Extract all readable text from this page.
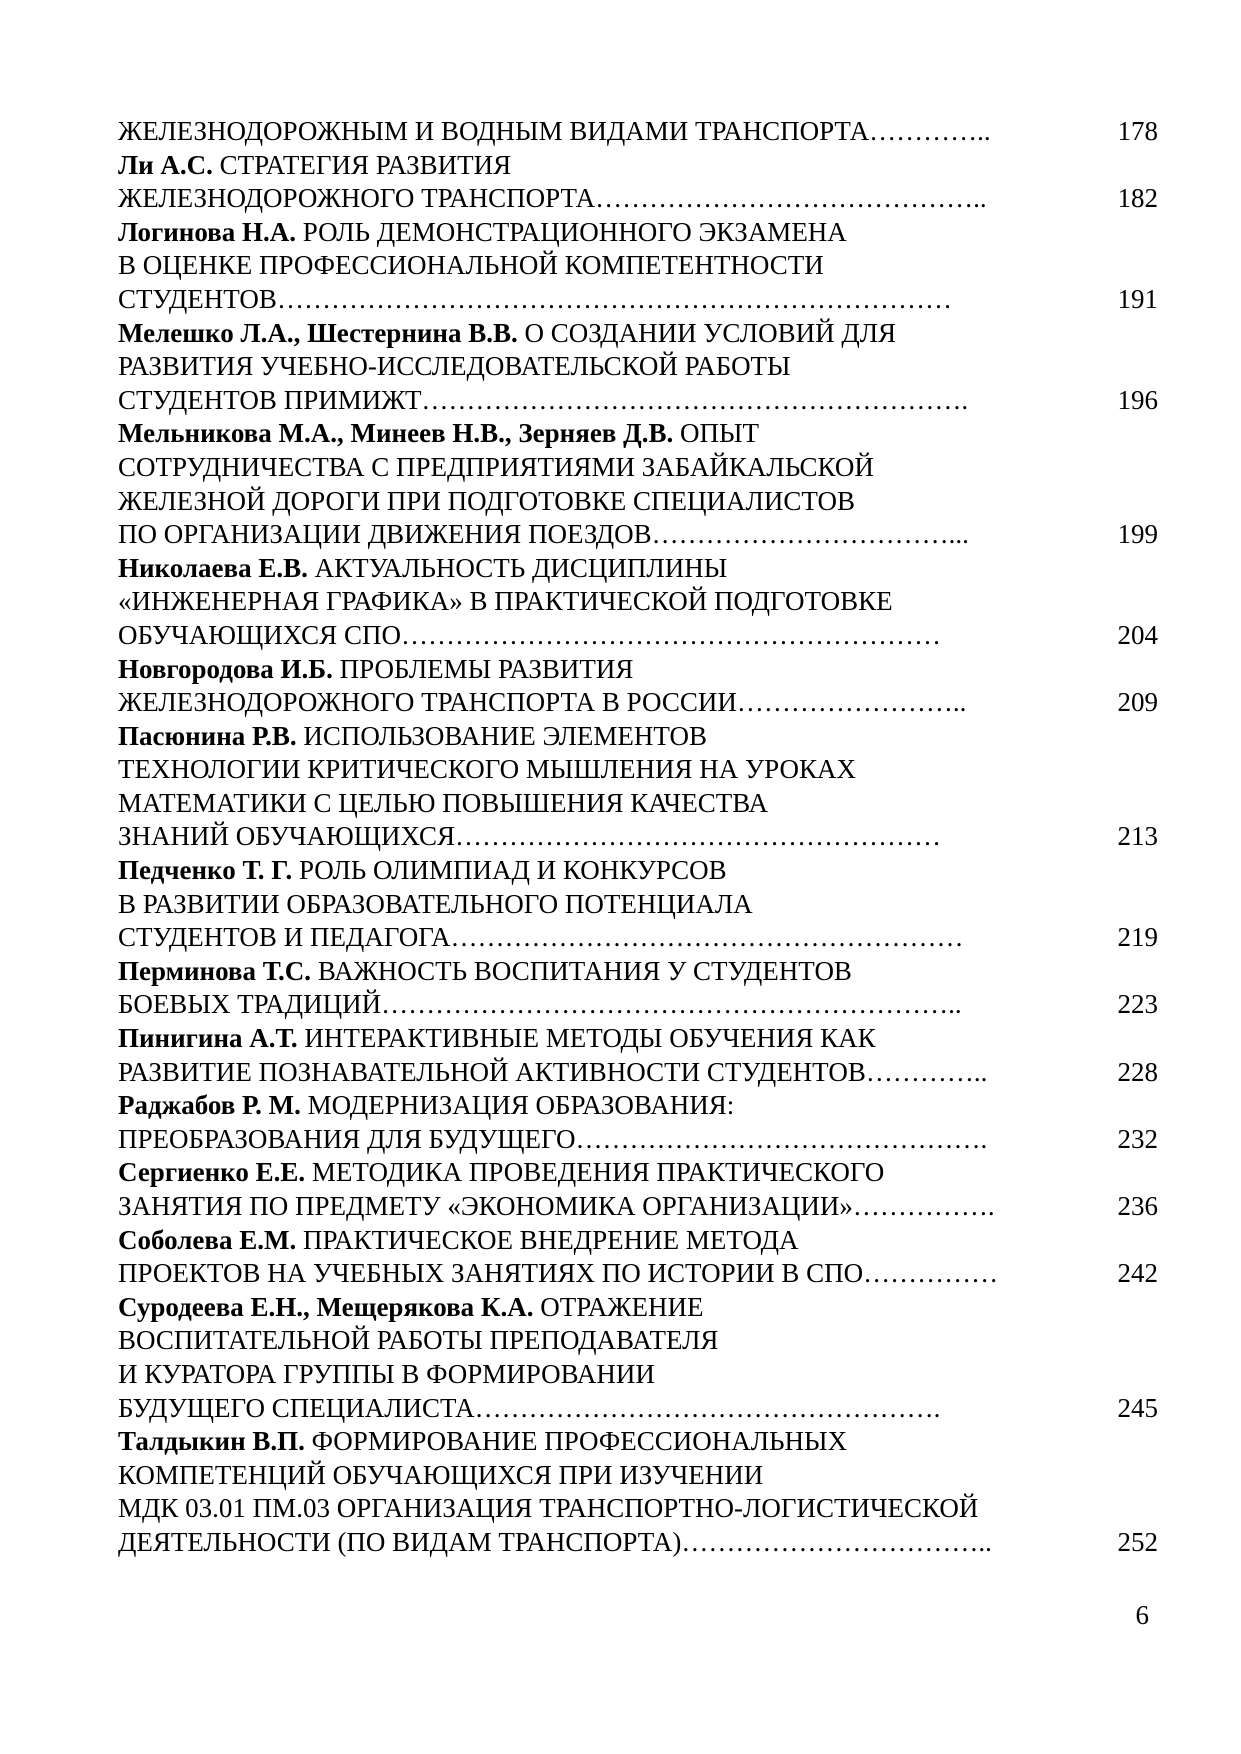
ЖЕЛЕЗНОДОРОЖНЫМ И ВОДНЫМ ВИДАМИ ТРАНСПОРТА…………..	178
Ли А.С. СТРАТЕГИЯ РАЗВИТИЯ
ЖЕЛЕЗНОДОРОЖНОГО ТРАНСПОРТА……………………………………..	182
Логинова Н.А. РОЛЬ ДЕМОНСТРАЦИОННОГО ЭКЗАМЕНА
В ОЦЕНКЕ ПРОФЕССИОНАЛЬНОЙ КОМПЕТЕНТНОСТИ
СТУДЕНТОВ…………………………………………………………………	191
Мелешко Л.А., Шестернина В.В. О СОЗДАНИИ УСЛОВИЙ ДЛЯ
РАЗВИТИЯ УЧЕБНО-ИССЛЕДОВАТЕЛЬСКОЙ РАБОТЫ
СТУДЕНТОВ ПРИМИЖТ…………………………………………………….	196
Мельникова М.А., Минеев Н.В., Зерняев Д.В. ОПЫТ
СОТРУДНИЧЕСТВА С ПРЕДПРИЯТИЯМИ ЗАБАЙКАЛЬСКОЙ
ЖЕЛЕЗНОЙ ДОРОГИ ПРИ ПОДГОТОВКЕ СПЕЦИАЛИСТОВ
ПО ОРГАНИЗАЦИИ ДВИЖЕНИЯ ПОЕЗДОВ……………………………...	199
Николаева Е.В. АКТУАЛЬНОСТЬ ДИСЦИПЛИНЫ
«ИНЖЕНЕРНАЯ ГРАФИКА» В ПРАКТИЧЕСКОЙ ПОДГОТОВКЕ
ОБУЧАЮЩИХСЯ СПО……………………………………………………	204
Новгородова И.Б. ПРОБЛЕМЫ РАЗВИТИЯ
ЖЕЛЕЗНОДОРОЖНОГО ТРАНСПОРТА В РОССИИ……………………..	209
Пасюнина Р.В. ИСПОЛЬЗОВАНИЕ ЭЛЕМЕНТОВ
ТЕХНОЛОГИИ КРИТИЧЕСКОГО МЫШЛЕНИЯ НА УРОКАХ
МАТЕМАТИКИ С ЦЕЛЬЮ ПОВЫШЕНИЯ КАЧЕСТВА
ЗНАНИЙ ОБУЧАЮЩИХСЯ………………………………………………	213
Педченко Т. Г. РОЛЬ ОЛИМПИАД И КОНКУРСОВ
В РАЗВИТИИ ОБРАЗОВАТЕЛЬНОГО ПОТЕНЦИАЛА
СТУДЕНТОВ И ПЕДАГОГА…………………………………………………	219
Перминова Т.С. ВАЖНОСТЬ ВОСПИТАНИЯ У СТУДЕНТОВ
БОЕВЫХ ТРАДИЦИЙ………………………………………………………..	223
Пинигина А.Т. ИНТЕРАКТИВНЫЕ МЕТОДЫ ОБУЧЕНИЯ КАК
РАЗВИТИЕ ПОЗНАВАТЕЛЬНОЙ АКТИВНОСТИ СТУДЕНТОВ…………..	228
Раджабов Р. М. МОДЕРНИЗАЦИЯ ОБРАЗОВАНИЯ:
ПРЕОБРАЗОВАНИЯ ДЛЯ БУДУЩЕГО……………………………………….	232
Сергиенко Е.Е. МЕТОДИКА ПРОВЕДЕНИЯ ПРАКТИЧЕСКОГО
ЗАНЯТИЯ ПО ПРЕДМЕТУ «ЭКОНОМИКА ОРГАНИЗАЦИИ»…………….	236
Соболева Е.М. ПРАКТИЧЕСКОЕ ВНЕДРЕНИЕ МЕТОДА
ПРОЕКТОВ НА УЧЕБНЫХ ЗАНЯТИЯХ ПО ИСТОРИИ В СПО……………	242
Суродеева Е.Н., Мещерякова К.А. ОТРАЖЕНИЕ
ВОСПИТАТЕЛЬНОЙ РАБОТЫ ПРЕПОДАВАТЕЛЯ
И КУРАТОРА ГРУППЫ В ФОРМИРОВАНИИ
БУДУЩЕГО СПЕЦИАЛИСТА…………………………………………….	245
Талдыкин В.П. ФОРМИРОВАНИЕ ПРОФЕССИОНАЛЬНЫХ
КОМПЕТЕНЦИЙ ОБУЧАЮЩИХСЯ ПРИ ИЗУЧЕНИИ
МДК 03.01 ПМ.03 ОРГАНИЗАЦИЯ ТРАНСПОРТНО-ЛОГИСТИЧЕСКОЙ
ДЕЯТЕЛЬНОСТИ (ПО ВИДАМ ТРАНСПОРТА)……………………………..	252
6
